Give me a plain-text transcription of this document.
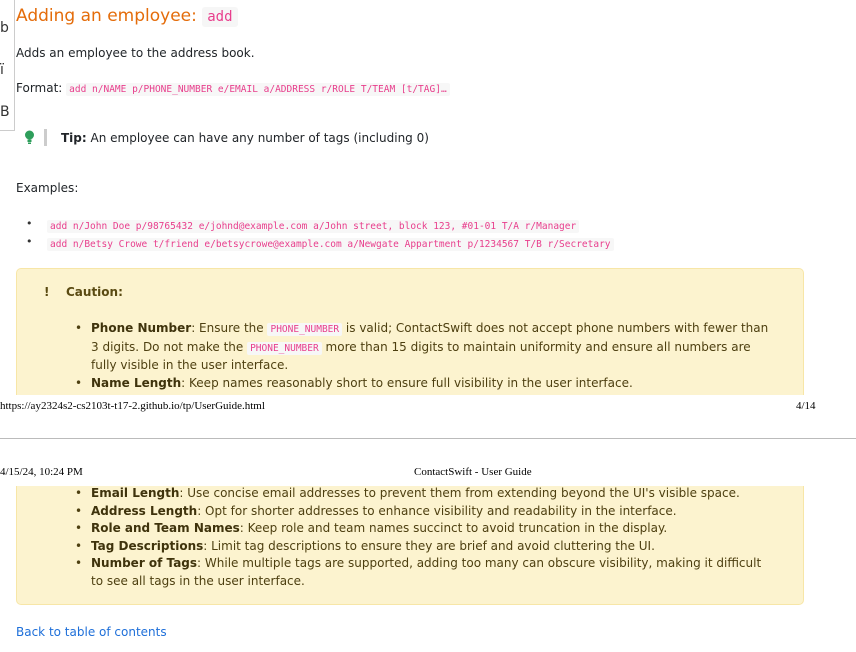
b
ï
B
Adding an employee: add
Adds an employee to the address book.
Format: add n/NAME p/PHONE_NUMBER e/EMAIL a/ADDRESS r/ROLE T/TEAM [t/TAG]…
Tip: An employee can have any number of tags (including 0)
Examples:
• add n/John Doe p/98765432 e/johnd@example.com a/John street, block 123, #01-01 T/A r/Manager
• add n/Betsy Crowe t/friend e/betsycrowe@example.com a/Newgate Appartment p/1234567 T/B r/Secretary
! Caution:
• Phone Number: Ensure the PHONE_NUMBER is valid; ContactSwift does not accept phone numbers with fewer than 3 digits. Do not make the PHONE_NUMBER more than 15 digits to maintain uniformity and ensure all numbers are fully visible in the user interface.
• Name Length: Keep names reasonably short to ensure full visibility in the user interface.
https://ay2324s2-cs2103t-t17-2.github.io/tp/UserGuide.html	4/14
4/15/24, 10:24 PM	ContactSwift - User Guide
• Email Length: Use concise email addresses to prevent them from extending beyond the UI's visible space.
• Address Length: Opt for shorter addresses to enhance visibility and readability in the interface.
• Role and Team Names: Keep role and team names succinct to avoid truncation in the display.
• Tag Descriptions: Limit tag descriptions to ensure they are brief and avoid cluttering the UI.
• Number of Tags: While multiple tags are supported, adding too many can obscure visibility, making it difficult to see all tags in the user interface.
Back to table of contents
